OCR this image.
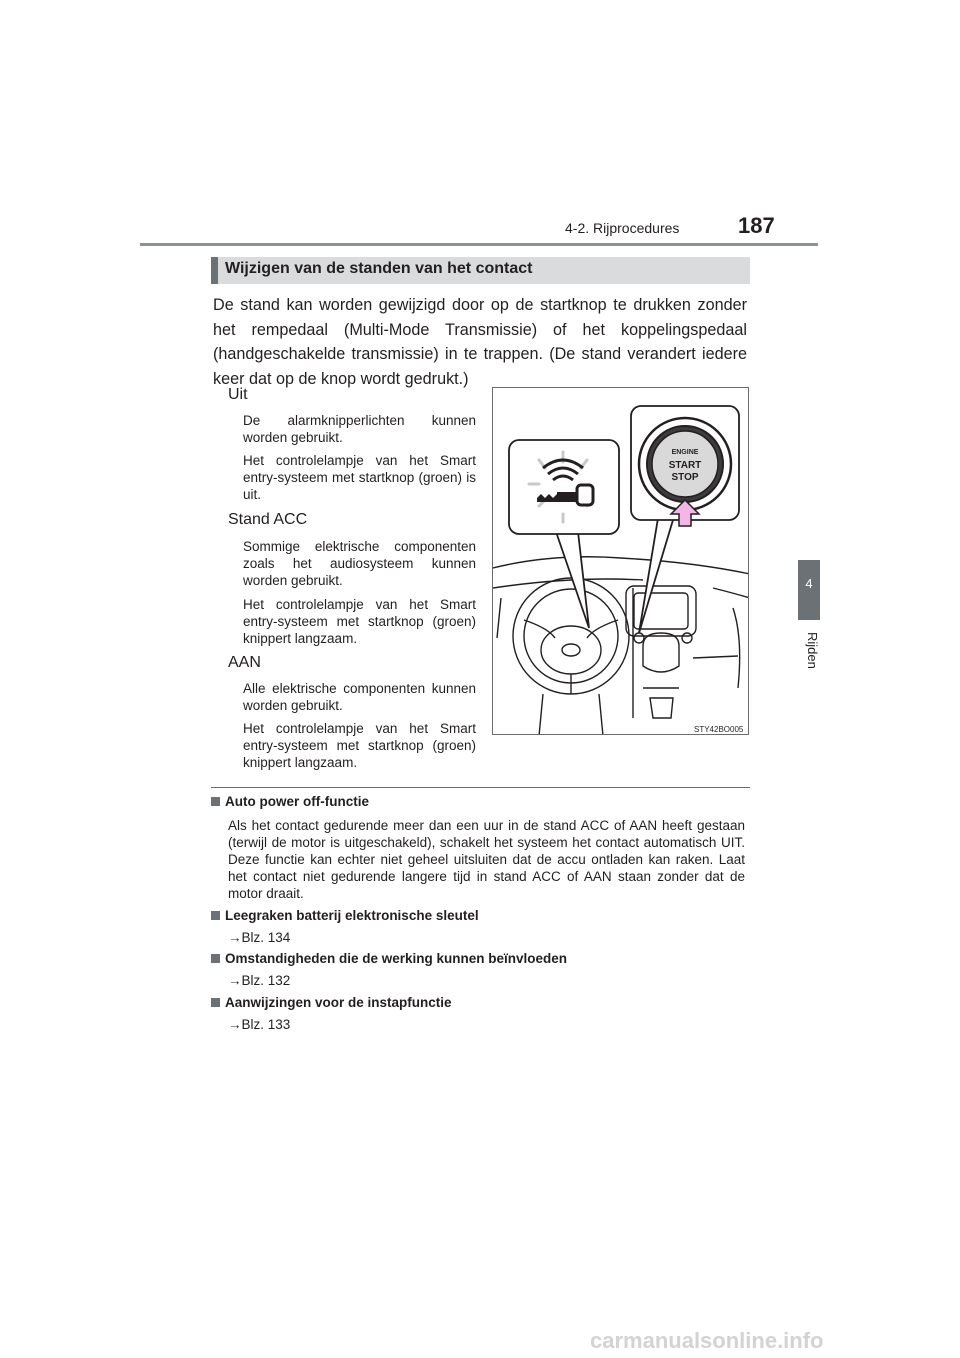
4-2. Rijprocedures	187
4
Rijden
Wijzigen van de standen van het contact

De stand kan worden gewijzigd door op de startknop te drukken zonder het rempedaal (Multi-Mode Transmissie) of het koppelingspedaal (handgeschakelde transmissie) in te trappen. (De stand verandert iedere keer dat op de knop wordt gedrukt.)

Uit

De alarmknipperlichten kunnen worden gebruikt.

Het controlelampje van het Smart entry-systeem met startknop (groen) is uit.

Stand ACC

Sommige elektrische componenten zoals het audiosysteem kunnen worden gebruikt.

Het controlelampje van het Smart entry-systeem met startknop (groen) knippert langzaam.

AAN

Alle elektrische componenten kunnen worden gebruikt.

Het controlelampje van het Smart entry-systeem met startknop (groen) knippert langzaam.

ENGINE
START
STOP
STY42BO005
Auto power off-functie

Als het contact gedurende meer dan een uur in de stand ACC of AAN heeft gestaan (terwijl de motor is uitgeschakeld), schakelt het systeem het contact automatisch UIT. Deze functie kan echter niet geheel uitsluiten dat de accu ontladen kan raken. Laat het contact niet gedurende langere tijd in stand ACC of AAN staan zonder dat de motor draait.

Leegraken batterij elektronische sleutel
→Blz. 134
Omstandigheden die de werking kunnen beïnvloeden
→Blz. 132
Aanwijzingen voor de instapfunctie
→Blz. 133
carmanualsonline.info
